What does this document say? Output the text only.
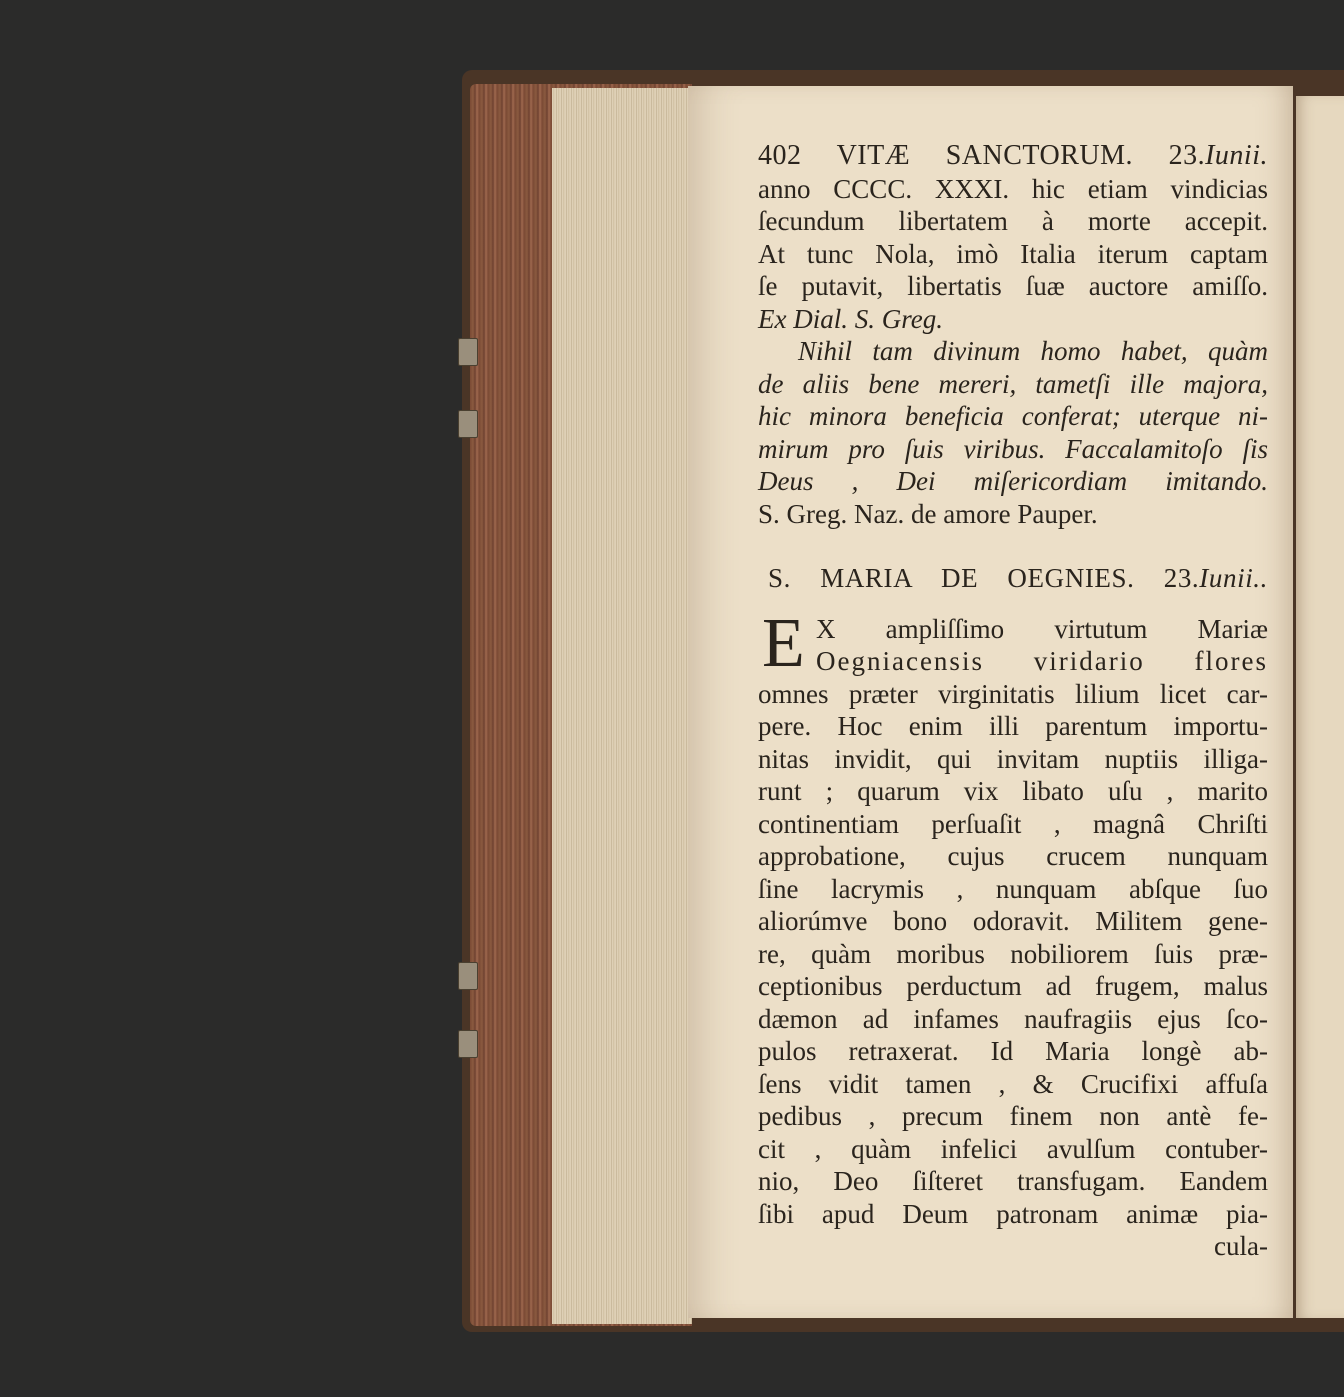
402 VITÆ SANCTORUM. 23.Iunii.
anno CCCC. XXXI. hic etiam vindicias
ſecundum libertatem à morte accepit.
At tunc Nola, imò Italia iterum captam
ſe putavit, libertatis ſuæ auctore amiſſo.
Ex Dial. S. Greg.
Nihil tam divinum homo habet, quàm
de aliis bene mereri, tametſi ille majora,
hic minora beneficia conferat; uterque ni-
mirum pro ſuis viribus. Faccalamitoſo ſis
Deus , Dei miſericordiam imitando.
S. Greg. Naz. de amore Pauper.
S. MARIA DE OEGNIES. 23.Iunii..
E X ampliſſimo virtutum Mariæ
Oegniacensis viridario flores
omnes præter virginitatis lilium licet car-
pere. Hoc enim illi parentum importu-
nitas invidit, qui invitam nuptiis illiga-
runt ; quarum vix libato uſu , marito
continentiam perſuaſit , magnâ Chriſti
approbatione, cujus crucem nunquam
ſine lacrymis , nunquam abſque ſuo
aliorúmve bono odoravit. Militem gene-
re, quàm moribus nobiliorem ſuis præ-
ceptionibus perductum ad frugem, malus
dæmon ad infames naufragiis ejus ſco-
pulos retraxerat. Id Maria longè ab-
ſens vidit tamen , & Crucifixi affuſa
pedibus , precum finem non antè fe-
cit , quàm infelici avulſum contuber-
nio, Deo ſiſteret transfugam. Eandem
ſibi apud Deum patronam animæ pia-
cula-
